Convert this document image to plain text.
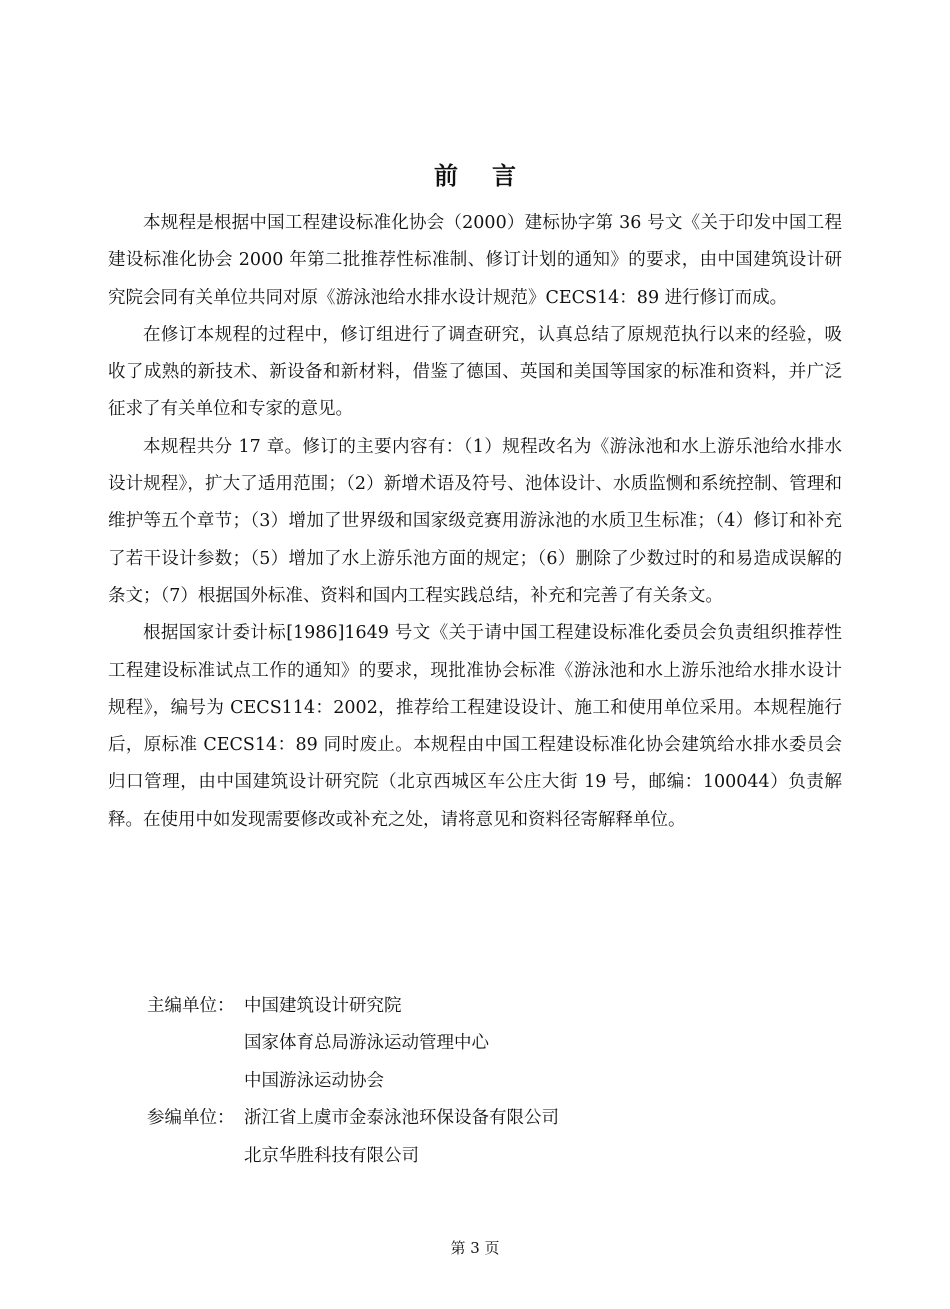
前言

本规程是根据中国工程建设标准化协会（2000）建标协字第 36 号文《关于印发中国工程建设标准化协会 2000 年第二批推荐性标准制、修订计划的通知》的要求，由中国建筑设计研究院会同有关单位共同对原《游泳池给水排水设计规范》CECS14：89 进行修订而成。

在修订本规程的过程中，修订组进行了调查研究，认真总结了原规范执行以来的经验，吸收了成熟的新技术、新设备和新材料，借鉴了德国、英国和美国等国家的标准和资料，并广泛征求了有关单位和专家的意见。

本规程共分 17 章。修订的主要内容有：（1）规程改名为《游泳池和水上游乐池给水排水设计规程》，扩大了适用范围；（2）新增术语及符号、池体设计、水质监恻和系统控制、管理和维护等五个章节；（3）增加了世界级和国家级竞赛用游泳池的水质卫生标准；（4）修订和补充了若干设计参数；（5）增加了水上游乐池方面的规定；（6）删除了少数过时的和易造成误解的条文；（7）根据国外标准、资料和国内工程实践总结，补充和完善了有关条文。

根据国家计委计标[1986]1649 号文《关于请中国工程建设标准化委员会负责组织推荐性工程建设标准试点工作的通知》的要求，现批准协会标准《游泳池和水上游乐池给水排水设计规程》，编号为 CECS114：2002，推荐给工程建设设计、施工和使用单位采用。本规程施行后，原标准 CECS14：89 同时废止。本规程由中国工程建设标准化协会建筑给水排水委员会归口管理，由中国建筑设计研究院（北京西城区车公庄大街 19 号，邮编：100044）负责解释。在使用中如发现需要修改或补充之处，请将意见和资料径寄解释单位。

主编单位： 中国建筑设计研究院
国家体育总局游泳运动管理中心
中国游泳运动协会
参编单位： 浙江省上虞市金泰泳池环保设备有限公司
北京华胜科技有限公司
第 3 页
